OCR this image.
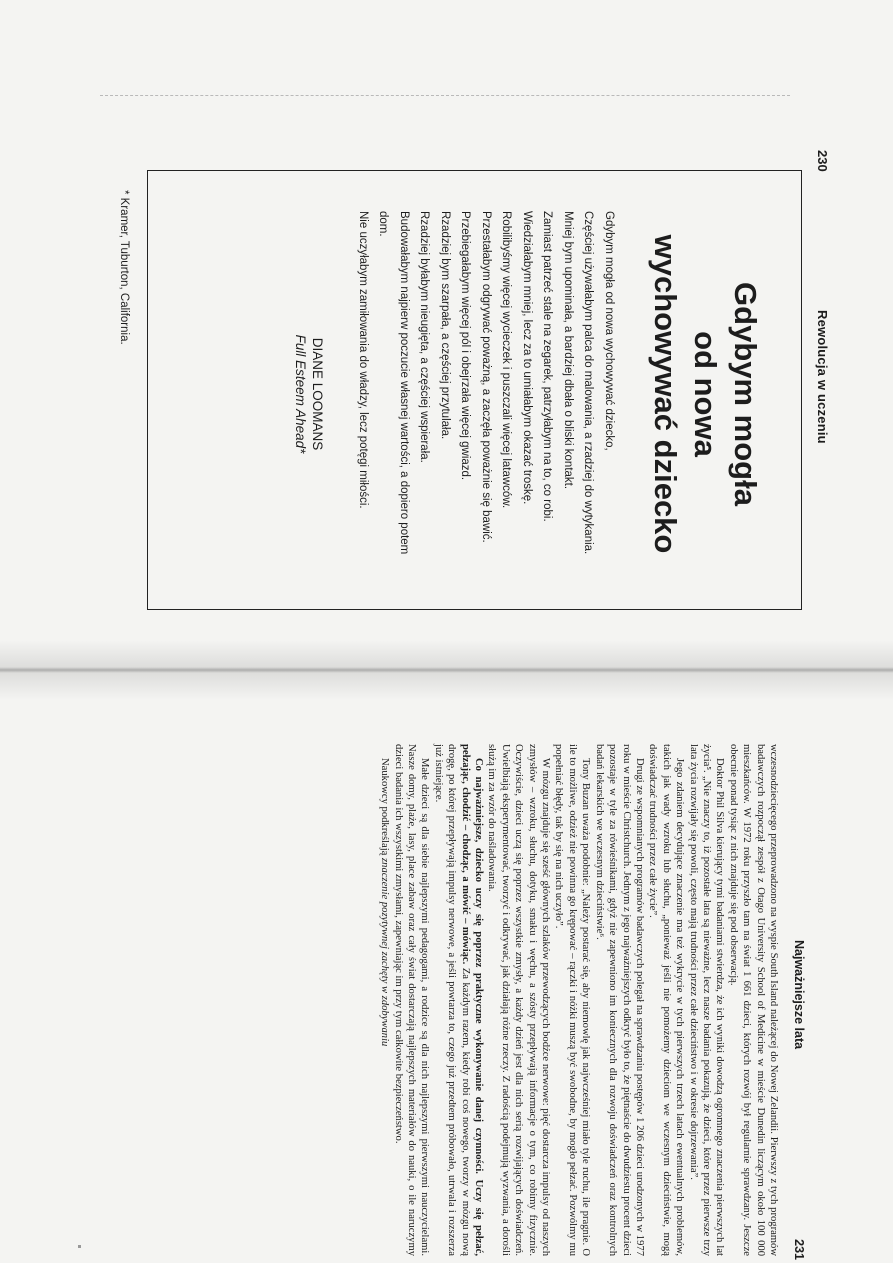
230
Rewolucja w uczeniu
Gdybym mogła
od nowa
wychowywać dziecko
Gdybym mogła od nowa wychowywać dziecko,
Częściej używałabym palca do malowania, a rzadziej do wytykania.
Mniej bym upominała, a bardziej dbała o bliski kontakt.
Zamiast patrzeć stale na zegarek, patrzyłabym na to, co robi.
Wiedziałabym mniej, lecz za to umiałabym okazać troskę.
Robilibyśmy więcej wycieczek i puszczali więcej latawców.
Przestałabym odgrywać poważną, a zaczęła poważnie się bawić.
Przebiegałabym więcej pól i obejrzała więcej gwiazd.
Rzadziej bym szarpała, a częściej przytulała.
Rzadziej byłabym nieugięta, a częściej wspierała.
Budowałabym najpierw poczucie własnej wartości, a dopiero potem
dom.
Nie uczyłabym zamiłowania do władzy, lecz potęgi miłości.
DIANE LOOMANS
Full Esteem Ahead*
* Kramer, Tuburton, California.
Najważniejsze lata
231

wczesnodziecięcego przeprowadzono na wyspie South Island należącej do Nowej Zelandii. Pierwszy z tych programów badawczych rozpoczął zespół z Otago University School of Medicine w mieście Dunedin liczącym około 100 000 mieszkańców. W 1972 roku przyszło tam na świat 1 661 dzieci, których rozwój był regularnie sprawdzany. Jeszcze obecnie ponad tysiąc z nich znajduje się pod obserwacją.

Doktor Phil Silva kierujący tymi badaniami stwierdza, że ich wyniki dowodzą ogromnego znaczenia pierwszych lat życia⁵. „Nie znaczy to, iż pozostałe lata są nieważne, lecz nasze badania pokazują, że dzieci, które przez pierwsze trzy lata życia rozwijały się powoli, często mają trudności przez całe dzieciństwo i w okresie dojrzewania”.

Jego zdaniem decydujące znaczenie ma też wykrycie w tych pierwszych trzech latach ewentualnych problemów, takich jak wady wzroku lub słuchu, „ponieważ jeśli nie pomożemy dzieciom we wczesnym dzieciństwie, mogą doświadczać trudności przez całe życie”.

Drugi ze wspomnianych programów badawczych polegał na sprawdzaniu postępów 1 206 dzieci urodzonych w 1977 roku w mieście Christchurch. Jednym z jego najważniejszych odkryć było to, że piętnaście do dwudziestu procent dzieci pozostaje w tyle za rówieśnikami, gdyż nie zapewniono im koniecznych dla rozwoju doświadczeń oraz kontrolnych badań lekarskich we wczesnym dzieciństwie⁶.

Tony Buzan uważa podobnie: „Należy postarać się, aby niemowlę jak najwcześniej miało tyle ruchu, ile pragnie. O ile to możliwe, odzież nie powinna go krępować – rączki i nóżki muszą być swobodne, by mogło pełzać. Pozwólmy mu popełniać błędy, tak by się na nich uczyło”.

W mózgu znajduje się sześć głównych szlaków przewodzących bodźce nerwowe: pięć dostarcza impulsy od naszych zmysłów – wzroku, słuchu, dotyku, smaku i węchu, a szósty przepływają informacje o tym, co robimy fizycznie. Oczywiście, dzieci uczą się poprzez wszystkie zmysły, a każdy dzień jest dla nich serią rozwijających doświadczeń. Uwielbiają eksperymentować, tworzyć i odkrywać, jak działają różne rzeczy. Z radością podejmują wyzwania, a dorośli służą im za wzór do naśladowania.

Co najważniejsze, dziecko uczy się poprzez praktyczne wykonywanie danej czynności. Uczy się pełzać, pełzając, chodzić – chodząc, a mówić – mówiąc. Za każdym razem, kiedy robi coś nowego, tworzy w mózgu nową drogę, po której przepływają impulsy nerwowe, a jeśli powtarza to, czego już przedtem próbowało, utrwala i rozszerza już istniejące.

Małe dzieci są dla siebie najlepszymi pedagogami, a rodzice są dla nich najlepszymi pierwszymi nauczycielami. Nasze domy, plaże, lasy, place zabaw oraz cały świat dostarczają najlepszych materiałów do nauki, o ile naruczymy dzieci badania ich wszystkimi zmysłami, zapewniając im przy tym całkowite bezpieczeństwo.

Naukowcy podkreślają znaczenie pozytywnej zachęty w zdobywaniu
